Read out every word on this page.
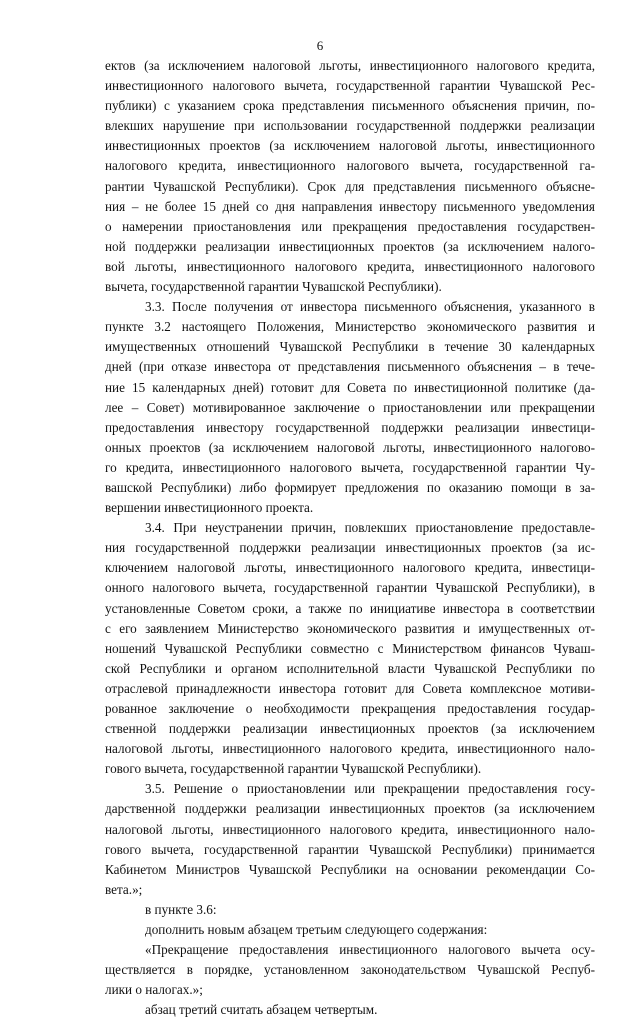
6
ектов (за исключением налоговой льготы, инвестиционного налогового кредита,
инвестиционного налогового вычета, государственной гарантии Чувашской Рес-
публики) с указанием срока представления письменного объяснения причин, по-
влекших нарушение при использовании государственной поддержки реализации
инвестиционных проектов (за исключением налоговой льготы, инвестиционного
налогового кредита, инвестиционного налогового вычета, государственной га-
рантии Чувашской Республики). Срок для представления письменного объясне-
ния – не более 15 дней со дня направления инвестору письменного уведомления
о намерении приостановления или прекращения предоставления государствен-
ной поддержки реализации инвестиционных проектов (за исключением налого-
вой льготы, инвестиционного налогового кредита, инвестиционного налогового
вычета, государственной гарантии Чувашской Республики).
3.3. После получения от инвестора письменного объяснения, указанного в
пункте 3.2 настоящего Положения, Министерство экономического развития и
имущественных отношений Чувашской Республики в течение 30 календарных
дней (при отказе инвестора от представления письменного объяснения – в тече-
ние 15 календарных дней) готовит для Совета по инвестиционной политике (да-
лее – Совет) мотивированное заключение о приостановлении или прекращении
предоставления инвестору государственной поддержки реализации инвестици-
онных проектов (за исключением налоговой льготы, инвестиционного налогово-
го кредита, инвестиционного налогового вычета, государственной гарантии Чу-
вашской Республики) либо формирует предложения по оказанию помощи в за-
вершении инвестиционного проекта.
3.4. При неустранении причин, повлекших приостановление предоставле-
ния государственной поддержки реализации инвестиционных проектов (за ис-
ключением налоговой льготы, инвестиционного налогового кредита, инвестици-
онного налогового вычета, государственной гарантии Чувашской Республики), в
установленные Советом сроки, а также по инициативе инвестора в соответствии
с его заявлением Министерство экономического развития и имущественных от-
ношений Чувашской Республики совместно с Министерством финансов Чуваш-
ской Республики и органом исполнительной власти Чувашской Республики по
отраслевой принадлежности инвестора готовит для Совета комплексное мотиви-
рованное заключение о необходимости прекращения предоставления государ-
ственной поддержки реализации инвестиционных проектов (за исключением
налоговой льготы, инвестиционного налогового кредита, инвестиционного нало-
гового вычета, государственной гарантии Чувашской Республики).
3.5. Решение о приостановлении или прекращении предоставления госу-
дарственной поддержки реализации инвестиционных проектов (за исключением
налоговой льготы, инвестиционного налогового кредита, инвестиционного нало-
гового вычета, государственной гарантии Чувашской Республики) принимается
Кабинетом Министров Чувашской Республики на основании рекомендации Со-
вета.»;
в пункте 3.6:
дополнить новым абзацем третьим следующего содержания:
«Прекращение предоставления инвестиционного налогового вычета осу-
ществляется в порядке, установленном законодательством Чувашской Респуб-
лики о налогах.»;
абзац третий считать абзацем четвертым.
